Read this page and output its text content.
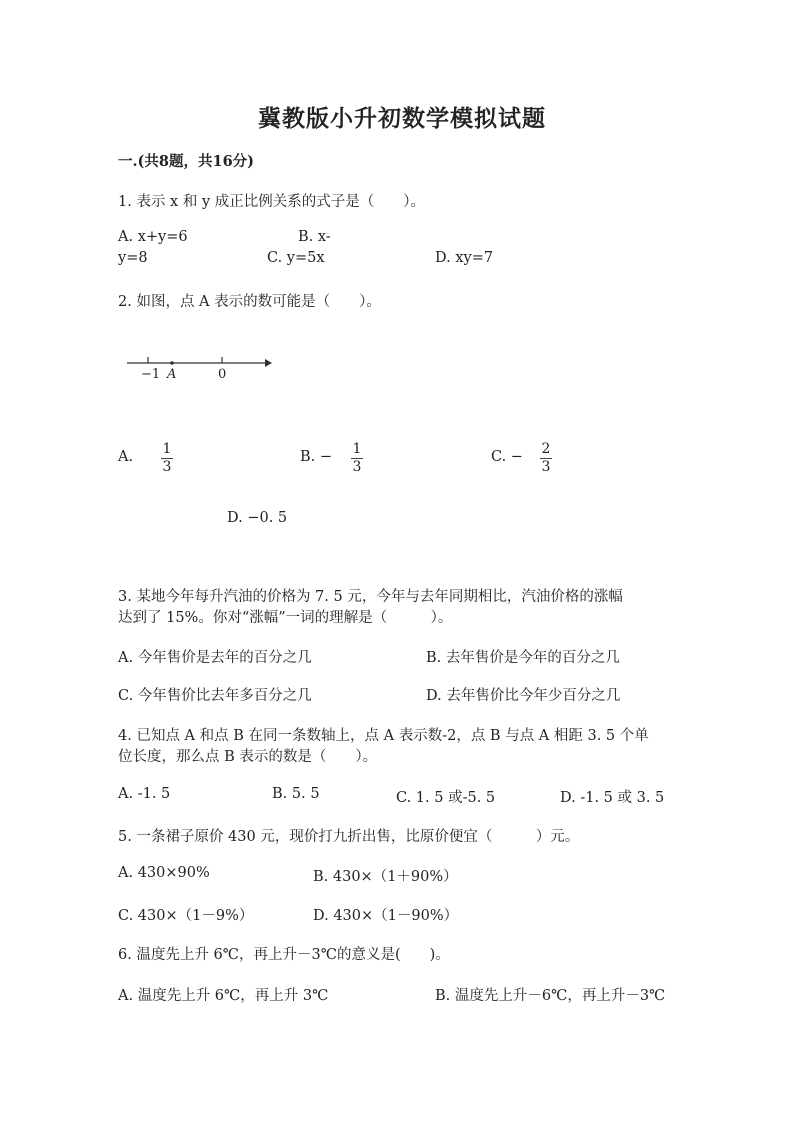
冀教版小升初数学模拟试题
一.(共8题，共16分)
1. 表示 x 和 y 成正比例关系的式子是（　　）。
A. x+y=6	B. x-
y=8	C. y=5x	D. xy=7
2. 如图，点 A 表示的数可能是（　　）。
−1 A	0
A. 1
3
B. − 1
3
C. − 2
3
D. −0. 5
3. 某地今年每升汽油的价格为 7. 5 元，今年与去年同期相比，汽油价格的涨幅
达到了 15%。你对“涨幅”一词的理解是（　　　）。
A. 今年售价是去年的百分之几	B. 去年售价是今年的百分之几
C. 今年售价比去年多百分之几	D. 去年售价比今年少百分之几
4. 已知点 A 和点 B 在同一条数轴上，点 A 表示数-2，点 B 与点 A 相距 3. 5 个单
位长度，那么点 B 表示的数是（　　）。
A. -1. 5	B. 5. 5	C. 1. 5 或-5. 5	D. -1. 5 或 3. 5
5. 一条裙子原价 430 元，现价打九折出售，比原价便宜（　　　）元。
A. 430×90%	B. 430×（1＋90%）
C. 430×（1－9%）	D. 430×（1－90%）
6. 温度先上升 6℃，再上升－3℃的意义是(　　)。
A. 温度先上升 6℃，再上升 3℃	B. 温度先上升－6℃，再上升－3℃
